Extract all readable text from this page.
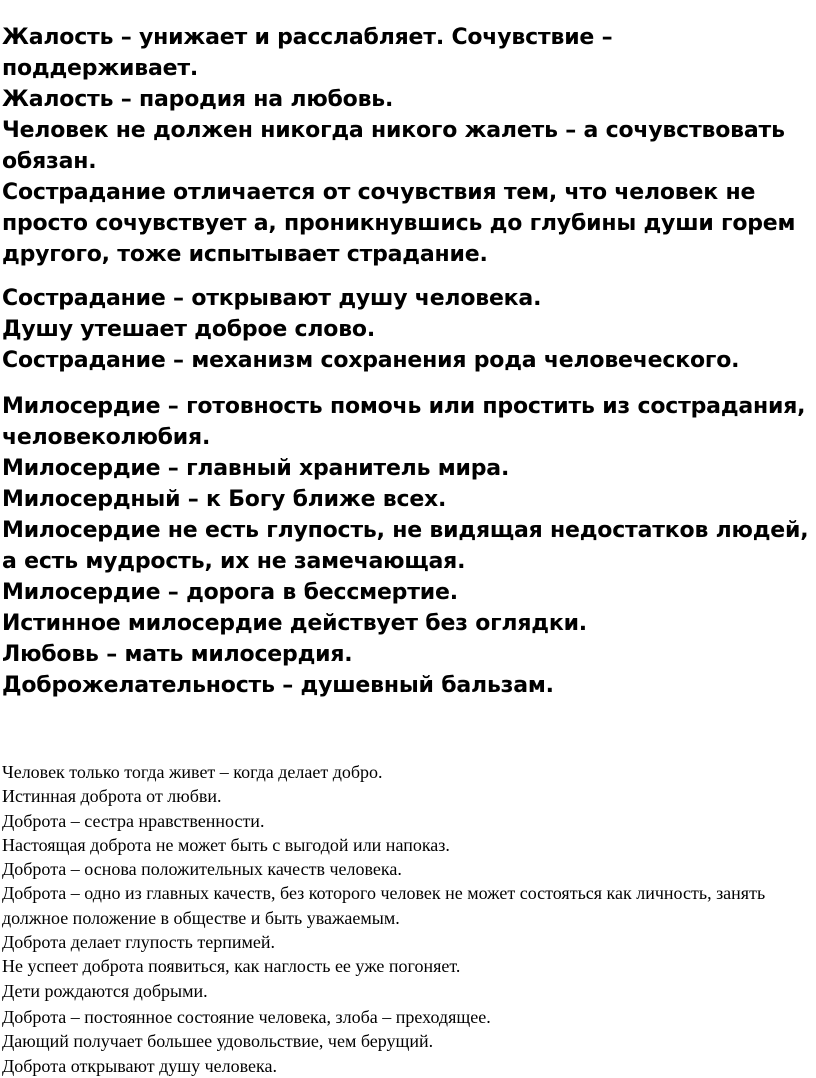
Жалость – унижает и расслабляет. Сочувствие – поддерживает.

Жалость – пародия на любовь.

Человек не должен никогда никого жалеть – а сочувствовать обязан.

Сострадание отличается от сочувствия тем, что человек не просто сочувствует а, проникнувшись до глубины души горем другого, тоже испытывает страдание.

Сострадание – открывают душу человека.

Душу утешает доброе слово.

Сострадание – механизм сохранения рода человеческого.

Милосердие – готовность помочь или простить из сострадания, человеколюбия.

Милосердие – главный хранитель мира.

Милосердный – к Богу ближе всех.

Милосердие не есть глупость, не видящая недостатков людей, а есть мудрость, их не замечающая.

Милосердие – дорога в бессмертие.

Истинное милосердие действует без оглядки.

Любовь – мать милосердия.

Доброжелательность – душевный бальзам.

Человек только тогда живет – когда делает добро.

Истинная доброта от любви.

Доброта – сестра нравственности.

Настоящая доброта не может быть с выгодой или напоказ.

Доброта – основа положительных качеств человека.

Доброта – одно из главных качеств, без которого человек не может состояться как личность, занять должное положение в обществе и быть уважаемым.

Доброта делает глупость терпимей.

Не успеет доброта появиться, как наглость ее уже погоняет.

Дети рождаются добрыми.

Доброта – постоянное состояние человека, злоба – преходящее.

Дающий получает большее удовольствие, чем берущий.

Доброта открывают душу человека.
